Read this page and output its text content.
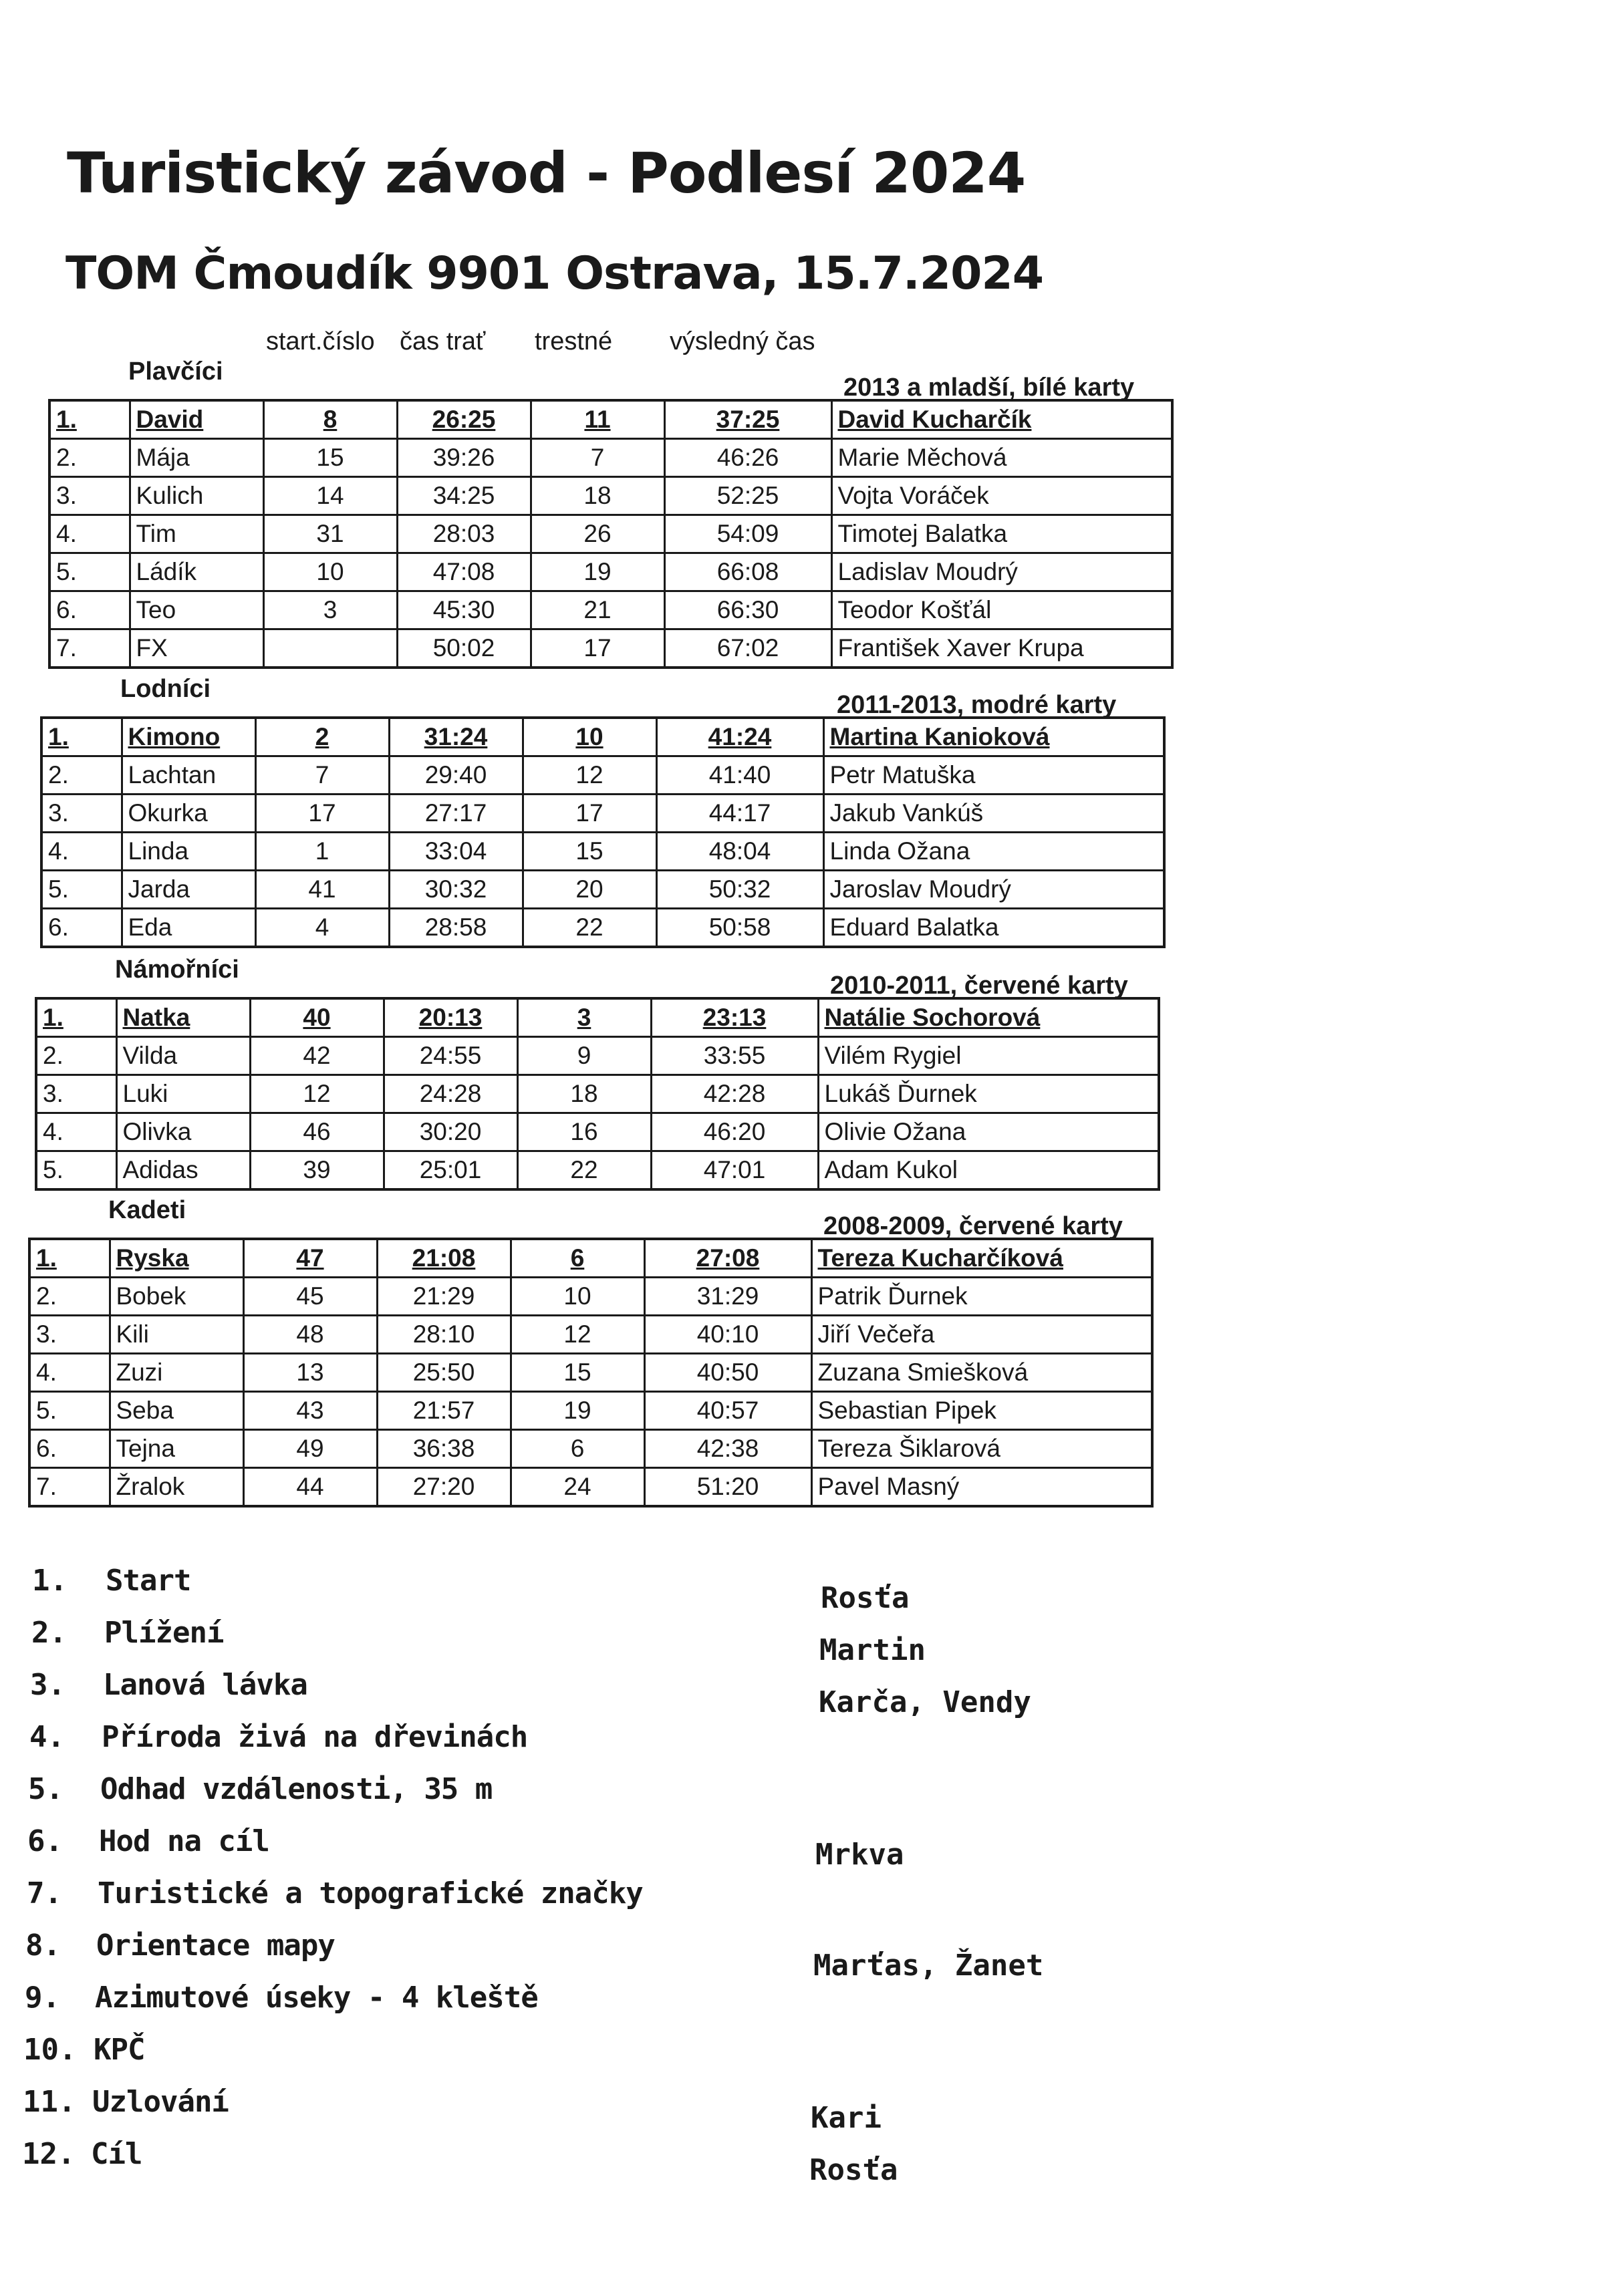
Turistický závod - Podlesí 2024
TOM Čmoudík 9901 Ostrava, 15.7.2024
start.číslo čas trať trestné výsledný čas
Plavčíci
2013 a mladší, bílé karty
1.	David	8	26:25	11	37:25	David Kucharčík
2.	Mája	15	39:26	7	46:26	Marie Měchová
3.	Kulich	14	34:25	18	52:25	Vojta Voráček
4.	Tim	31	28:03	26	54:09	Timotej Balatka
5.	Ládík	10	47:08	19	66:08	Ladislav Moudrý
6.	Teo	3	45:30	21	66:30	Teodor Košťál
7.	FX		50:02	17	67:02	František Xaver Krupa
Lodníci
2011-2013, modré karty
1.	Kimono	2	31:24	10	41:24	Martina Kanioková
2.	Lachtan	7	29:40	12	41:40	Petr Matuška
3.	Okurka	17	27:17	17	44:17	Jakub Vankúš
4.	Linda	1	33:04	15	48:04	Linda Ožana
5.	Jarda	41	30:32	20	50:32	Jaroslav Moudrý
6.	Eda	4	28:58	22	50:58	Eduard Balatka
Námořníci
2010-2011, červené karty
1.	Natka	40	20:13	3	23:13	Natálie Sochorová
2.	Vilda	42	24:55	9	33:55	Vilém Rygiel
3.	Luki	12	24:28	18	42:28	Lukáš Ďurnek
4.	Olivka	46	30:20	16	46:20	Olivie Ožana
5.	Adidas	39	25:01	22	47:01	Adam Kukol
Kadeti
2008-2009, červené karty
1.	Ryska	47	21:08	6	27:08	Tereza Kucharčíková
2.	Bobek	45	21:29	10	31:29	Patrik Ďurnek
3.	Kili	48	28:10	12	40:10	Jiří Večeřa
4.	Zuzi	13	25:50	15	40:50	Zuzana Smiešková
5.	Seba	43	21:57	19	40:57	Sebastian Pipek
6.	Tejna	49	36:38	6	42:38	Tereza Šiklarová
7.	Žralok	44	27:20	24	51:20	Pavel Masný
1. Start
Rosťa
2. Plížení
Martin
3. Lanová lávka
Karča, Vendy
4. Příroda živá na dřevinách
5. Odhad vzdálenosti, 35 m
6. Hod na cíl	Mrkva
7. Turistické a topografické značky
8. Orientace mapy
Marťas, Žanet
9. Azimutové úseky - 4 kleště
10. KPČ
11. Uzlování	Kari
12. Cíl	Rosťa
